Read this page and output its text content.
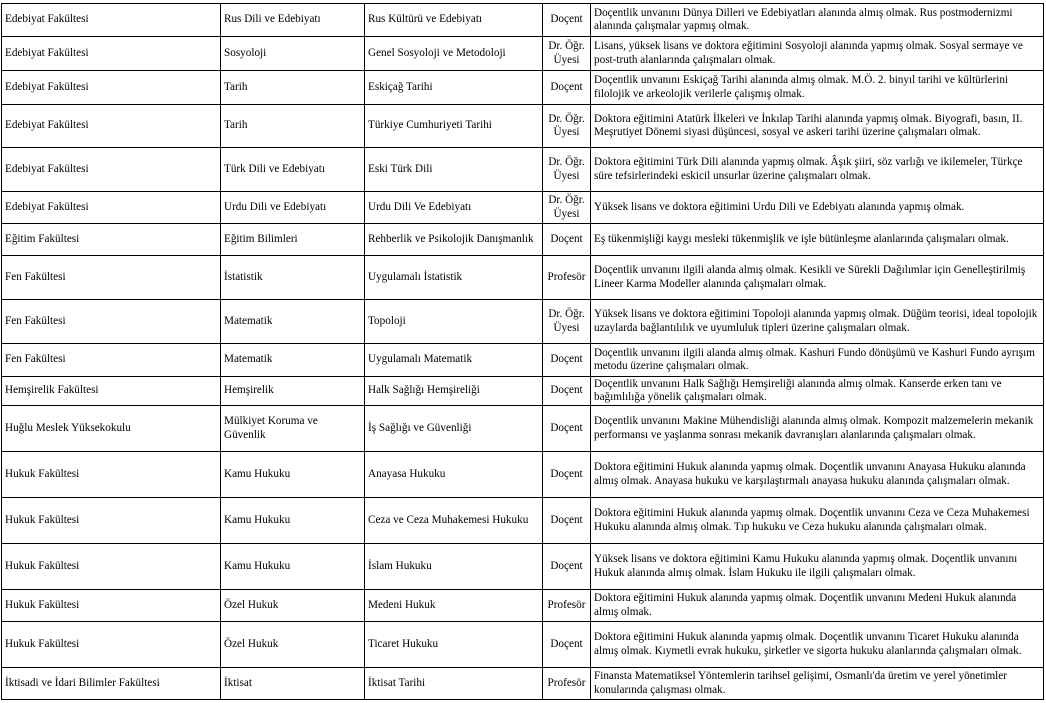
Edebiyat Fakültesi	Rus Dili ve Edebiyatı	Rus Kültürü ve Edebiyatı	Doçent	Doçentlik unvanını Dünya Dilleri ve Edebiyatları alanında almış olmak. Rus postmodernizmi alanında çalışmalar yapmış olmak.
Edebiyat Fakültesi	Sosyoloji	Genel Sosyoloji ve Metodoloji	Dr. Öğr. Üyesi	Lisans, yüksek lisans ve doktora eğitimini Sosyoloji alanında yapmış olmak. Sosyal sermaye ve post-truth alanlarında çalışmaları olmak.
Edebiyat Fakültesi	Tarih	Eskiçağ Tarihi	Doçent	Doçentlik unvanını Eskiçağ Tarihi alanında almış olmak. M.Ö. 2. binyıl tarihi ve kültürlerini filolojik ve arkeolojik verilerle çalışmış olmak.
Edebiyat Fakültesi	Tarih	Türkiye Cumhuriyeti Tarihi	Dr. Öğr. Üyesi	Doktora eğitimini Atatürk İlkeleri ve İnkılap Tarihi alanında yapmış olmak. Biyografi, basın, II. Meşrutiyet Dönemi siyasi düşüncesi, sosyal ve askeri tarihi üzerine çalışmaları olmak.
Edebiyat Fakültesi	Türk Dili ve Edebiyatı	Eski Türk Dili	Dr. Öğr. Üyesi	Doktora eğitimini Türk Dili alanında yapmış olmak. Âşık şiiri, söz varlığı ve ikilemeler, Türkçe süre tefsirlerindeki eskicil unsurlar üzerine çalışmaları olmak.
Edebiyat Fakültesi	Urdu Dili ve Edebiyatı	Urdu Dili Ve Edebiyatı	Dr. Öğr. Üyesi	Yüksek lisans ve doktora eğitimini Urdu Dili ve Edebiyatı alanında yapmış olmak.
Eğitim Fakültesi	Eğitim Bilimleri	Rehberlik ve Psikolojik Danışmanlık	Doçent	Eş tükenmişliği kaygı mesleki tükenmişlik ve işle bütünleşme alanlarında çalışmaları olmak.
Fen Fakültesi	İstatistik	Uygulamalı İstatistik	Profesör	Doçentlik unvanını ilgili alanda almış olmak. Kesikli ve Sürekli Dağılımlar için Genelleştirilmiş Lineer Karma Modeller alanında çalışmaları olmak.
Fen Fakültesi	Matematik	Topoloji	Dr. Öğr. Üyesi	Yüksek lisans ve doktora eğitimini Topoloji alanında yapmış olmak. Düğüm teorisi, ideal topolojik uzaylarda bağlantılılık ve uyumluluk tipleri üzerine çalışmaları olmak.
Fen Fakültesi	Matematik	Uygulamalı Matematik	Doçent	Doçentlik unvanını ilgili alanda almış olmak. Kashuri Fundo dönüşümü ve Kashuri Fundo ayrışım metodu üzerine çalışmaları olmak.
Hemşirelik Fakültesi	Hemşirelik	Halk Sağlığı Hemşireliği	Doçent	Doçentlik unvanını Halk Sağlığı Hemşireliği alanında almış olmak. Kanserde erken tanı ve bağımlılığa yönelik çalışmaları olmak.
Huğlu Meslek Yüksekokulu	Mülkiyet Koruma ve Güvenlik	İş Sağlığı ve Güvenliği	Doçent	Doçentlik unvanını Makine Mühendisliği alanında almış olmak. Kompozit malzemelerin mekanik performansı ve yaşlanma sonrası mekanik davranışları alanlarında çalışmaları olmak.
Hukuk Fakültesi	Kamu Hukuku	Anayasa Hukuku	Doçent	Doktora eğitimini Hukuk alanında yapmış olmak. Doçentlik unvanını Anayasa Hukuku alanında almış olmak. Anayasa hukuku ve karşılaştırmalı anayasa hukuku alanında çalışmaları olmak.
Hukuk Fakültesi	Kamu Hukuku	Ceza ve Ceza Muhakemesi Hukuku	Doçent	Doktora eğitimini Hukuk alanında yapmış olmak. Doçentlik unvanını Ceza ve Ceza Muhakemesi Hukuku alanında almış olmak. Tıp hukuku ve Ceza hukuku alanında çalışmaları olmak.
Hukuk Fakültesi	Kamu Hukuku	İslam Hukuku	Doçent	Yüksek lisans ve doktora eğitimini Kamu Hukuku alanında yapmış olmak. Doçentlik unvanını Hukuk alanında almış olmak. İslam Hukuku ile ilgili çalışmaları olmak.
Hukuk Fakültesi	Özel Hukuk	Medeni Hukuk	Profesör	Doktora eğitimini Hukuk alanında yapmış olmak. Doçentlik unvanını Medeni Hukuk alanında almış olmak.
Hukuk Fakültesi	Özel Hukuk	Ticaret Hukuku	Doçent	Doktora eğitimini Hukuk alanında yapmış olmak. Doçentlik unvanını Ticaret Hukuku alanında almış olmak. Kıymetli evrak hukuku, şirketler ve sigorta hukuku alanlarında çalışmaları olmak.
İktisadi ve İdari Bilimler Fakültesi	İktisat	İktisat Tarihi	Profesör	Finansta Matematiksel Yöntemlerin tarihsel gelişimi, Osmanlı'da üretim ve yerel yönetimler konularında çalışması olmak.
